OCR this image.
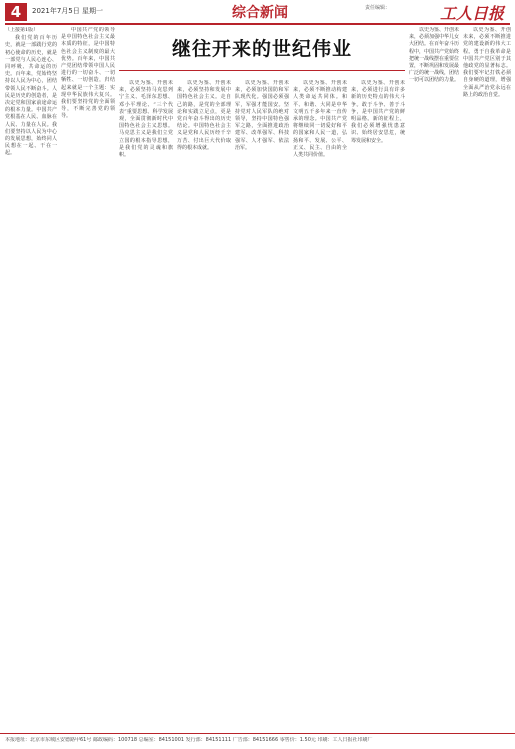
4	2021年7月5日 星期一	综合新闻	责任编辑：	工人日报
继往开来的世纪伟业
（上接第1版）

我们党的百年历史，就是一部践行党的初心使命的历史，就是一部党与人民心连心、同呼吸、共命运的历史。百年来，党始终坚持以人民为中心，团结带领人民不断奋斗。人民是历史的创造者，是决定党和国家前途命运的根本力量。中国共产党根基在人民、血脉在人民、力量在人民。我们要坚持以人民为中心的发展思想，始终同人民想在一起、干在一起。

中国共产党的领导是中国特色社会主义最本质的特征，是中国特色社会主义制度的最大优势。百年来，中国共产党团结带领中国人民进行的一切奋斗、一切牺牲、一切创造，归结起来就是一个主题：实现中华民族伟大复兴。我们要坚持党的全面领导，不断完善党的领导。

以史为鉴、开创未来，必须坚持马克思列宁主义、毛泽东思想、邓小平理论、“三个代表”重要思想、科学发展观，全面贯彻新时代中国特色社会主义思想。马克思主义是我们立党立国的根本指导思想，是我们党的灵魂和旗帜。

以史为鉴、开创未来，必须坚持和发展中国特色社会主义。走自己的路，是党的全部理论和实践立足点，更是党百年奋斗得出的历史结论。中国特色社会主义是党和人民历经千辛万苦、付出巨大代价取得的根本成就。

以史为鉴、开创未来，必须加快国防和军队现代化。强国必须强军，军强才能国安。坚持党对人民军队的绝对领导，坚持中国特色强军之路，全面推进政治建军、改革强军、科技强军、人才强军、依法治军。

以史为鉴、开创未来，必须不断推动构建人类命运共同体。和平、和谐、大同是中华文明五千多年来一直传承的理念。中国共产党将继续同一切爱好和平的国家和人民一道，弘扬和平、发展、公平、正义、民主、自由的全人类共同价值。

以史为鉴、开创未来，必须进行具有许多新的历史特点的伟大斗争。敢于斗争、善于斗争，是中国共产党的鲜明品格。新的征程上，我们必须增强忧患意识、始终居安思危，统筹发展和安全。

以史为鉴、开创未来，必须加强中华儿女大团结。在百年奋斗历程中，中国共产党始终把统一战线摆在重要位置，不断巩固和发展最广泛的统一战线，团结一切可以团结的力量。

以史为鉴、开创未来，必须不断推进党的建设新的伟大工程。勇于自我革命是中国共产党区别于其他政党的显著标志。我们要牢记打铁必须自身硬的道理，增强全面从严治党永远在路上的政治自觉。

本报地址：北京市东城区安德路甲61号 邮政编码：100718 总编室：84151001 发行部：84151111 广告部：84151666 零售价：1.50元 印刷：工人日报社印刷厂
